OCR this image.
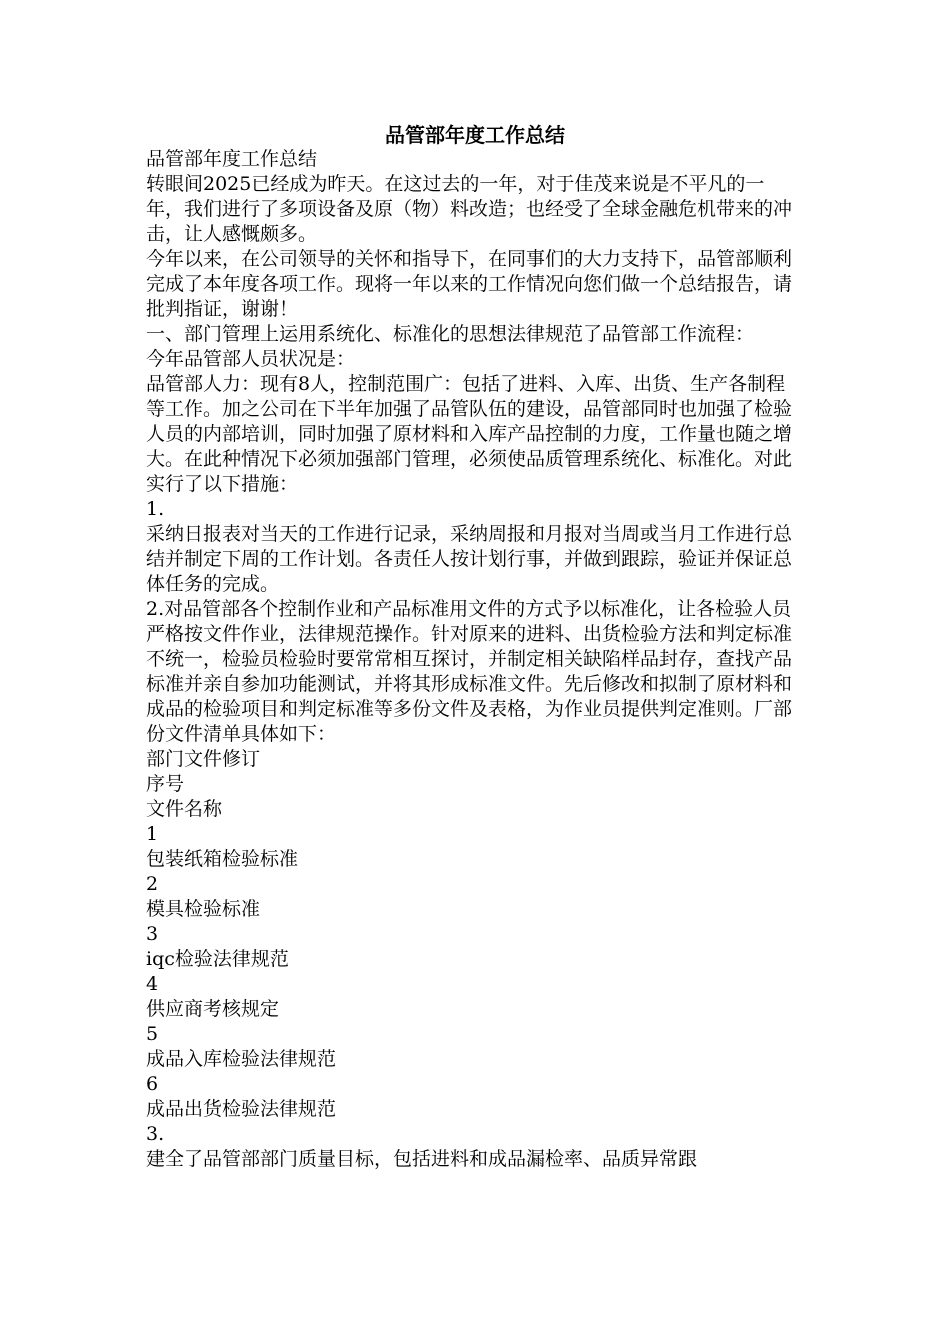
品管部年度工作总结

品管部年度工作总结

转眼间2025已经成为昨天。在这过去的一年，对于佳茂来说是不平凡的一年，我们进行了多项设备及原（物）料改造；也经受了全球金融危机带来的冲击，让人感慨颇多。

今年以来，在公司领导的关怀和指导下，在同事们的大力支持下，品管部顺利完成了本年度各项工作。现将一年以来的工作情况向您们做一个总结报告，请批判指证，谢谢！

一、部门管理上运用系统化、标准化的思想法律规范了品管部工作流程：

今年品管部人员状况是：

品管部人力：现有8人，控制范围广：包括了进料、入库、出货、生产各制程等工作。加之公司在下半年加强了品管队伍的建设，品管部同时也加强了检验人员的内部培训，同时加强了原材料和入库产品控制的力度，工作量也随之增大。在此种情况下必须加强部门管理，必须使品质管理系统化、标准化。对此实行了以下措施：

1.

采纳日报表对当天的工作进行记录，采纳周报和月报对当周或当月工作进行总结并制定下周的工作计划。各责任人按计划行事，并做到跟踪，验证并保证总体任务的完成。

2.对品管部各个控制作业和产品标准用文件的方式予以标准化，让各检验人员严格按文件作业，法律规范操作。针对原来的进料、出货检验方法和判定标准不统一，检验员检验时要常常相互探讨，并制定相关缺陷样品封存，查找产品标准并亲自参加功能测试，并将其形成标准文件。先后修改和拟制了原材料和成品的检验项目和判定标准等多份文件及表格，为作业员提供判定准则。厂部份文件清单具体如下：

部门文件修订

序号

文件名称

1

包装纸箱检验标准

2

模具检验标准

3

iqc检验法律规范

4

供应商考核规定

5

成品入库检验法律规范

6

成品出货检验法律规范

3.

建全了品管部部门质量目标，包括进料和成品漏检率、品质异常跟
